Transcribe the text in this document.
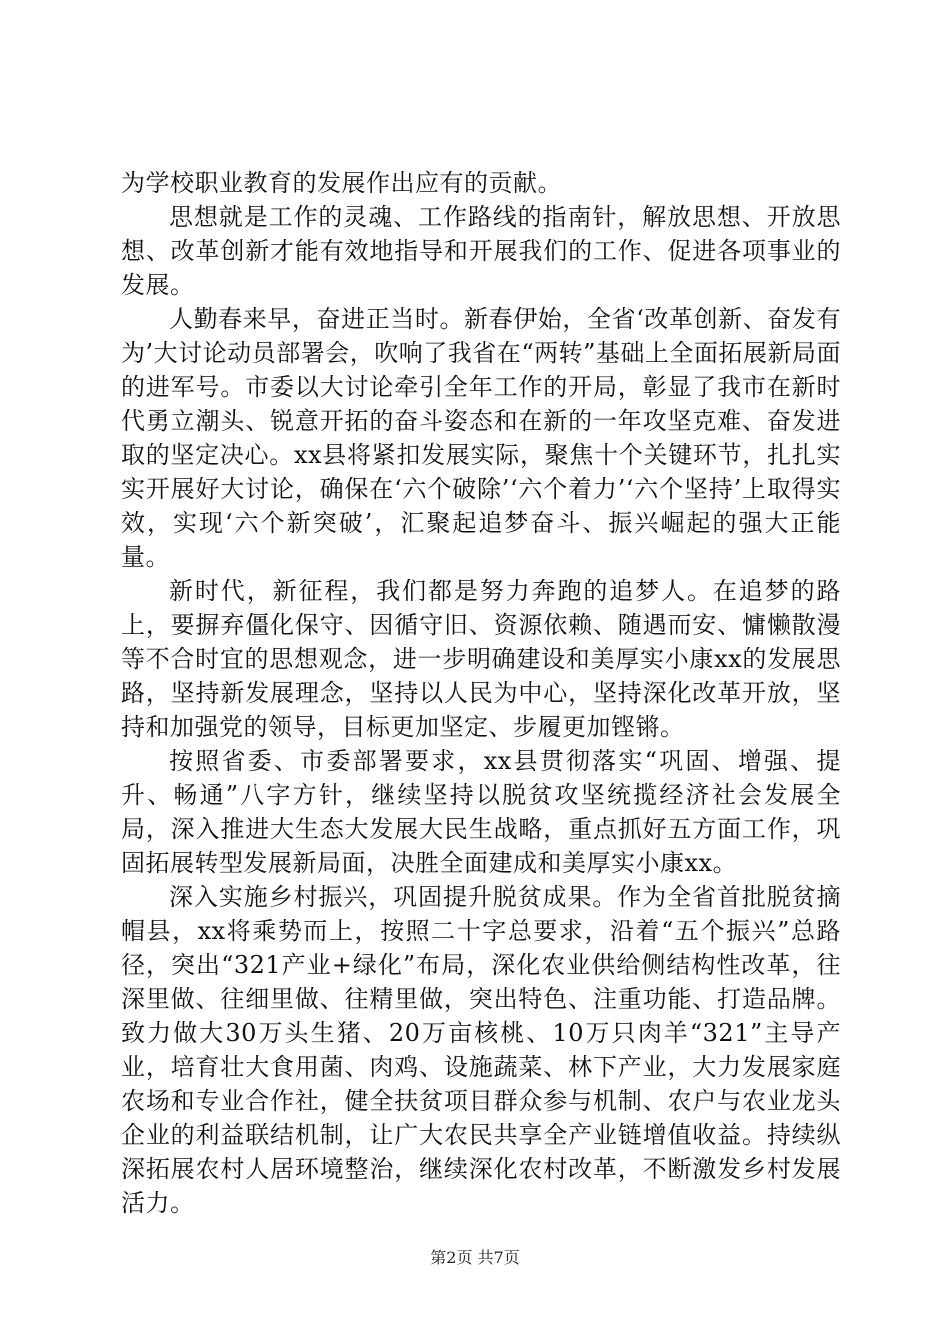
为学校职业教育的发展作出应有的贡献。

思想就是工作的灵魂、工作路线的指南针，解放思想、开放思想、改革创新才能有效地指导和开展我们的工作、促进各项事业的发展。

人勤春来早，奋进正当时。新春伊始，全省‘改革创新、奋发有为’大讨论动员部署会，吹响了我省在“两转”基础上全面拓展新局面的进军号。市委以大讨论牵引全年工作的开局，彰显了我市在新时代勇立潮头、锐意开拓的奋斗姿态和在新的一年攻坚克难、奋发进取的坚定决心。xx县将紧扣发展实际，聚焦十个关键环节，扎扎实实开展好大讨论，确保在‘六个破除’‘六个着力’‘六个坚持’上取得实效，实现‘六个新突破’，汇聚起追梦奋斗、振兴崛起的强大正能量。

新时代，新征程，我们都是努力奔跑的追梦人。在追梦的路上，要摒弃僵化保守、因循守旧、资源依赖、随遇而安、慵懒散漫等不合时宜的思想观念，进一步明确建设和美厚实小康xx的发展思路，坚持新发展理念，坚持以人民为中心，坚持深化改革开放，坚持和加强党的领导，目标更加坚定、步履更加铿锵。

按照省委、市委部署要求，xx县贯彻落实“巩固、增强、提升、畅通”八字方针，继续坚持以脱贫攻坚统揽经济社会发展全局，深入推进大生态大发展大民生战略，重点抓好五方面工作，巩固拓展转型发展新局面，决胜全面建成和美厚实小康xx。

深入实施乡村振兴，巩固提升脱贫成果。作为全省首批脱贫摘帽县，xx将乘势而上，按照二十字总要求，沿着“五个振兴”总路径，突出“321产业+绿化”布局，深化农业供给侧结构性改革，往深里做、往细里做、往精里做，突出特色、注重功能、打造品牌。致力做大30万头生猪、20万亩核桃、10万只肉羊“321”主导产业，培育壮大食用菌、肉鸡、设施蔬菜、林下产业，大力发展家庭农场和专业合作社，健全扶贫项目群众参与机制、农户与农业龙头企业的利益联结机制，让广大农民共享全产业链增值收益。持续纵深拓展农村人居环境整治，继续深化农村改革，不断激发乡村发展活力。

第2页 共7页
